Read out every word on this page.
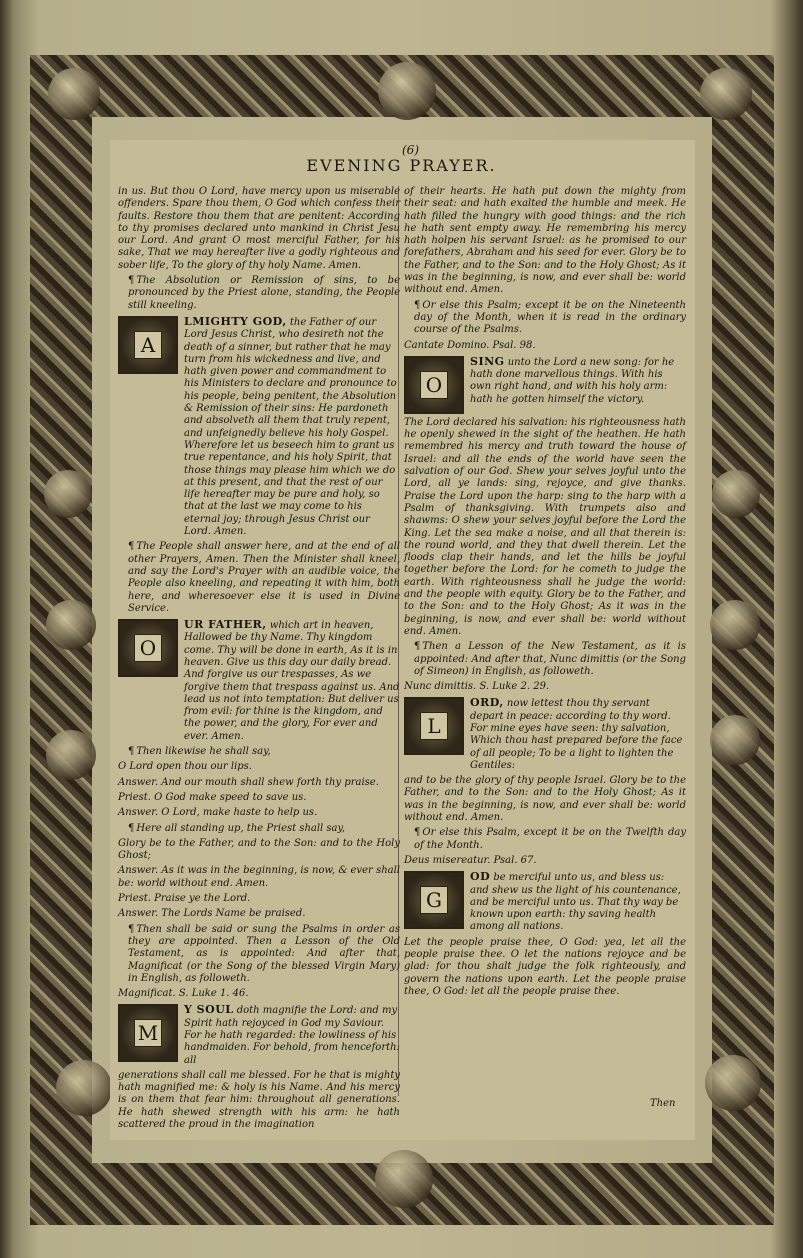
(6)
EVENING PRAYER.

in us. But thou O Lord, have mercy upon us miserable offenders. Spare thou them, O God which confess their faults. Restore thou them that are penitent: According to thy promises declared unto mankind in Christ Jesu our Lord. And grant O most merciful Father, for his sake, That we may hereafter live a godly righteous and sober life, To the glory of thy holy Name. Amen.

¶ The Absolution or Remission of sins, to be pronounced by the Priest alone, standing, the People still kneeling.

A
LMIGHTY GOD, the Father of our Lord Jesus Christ, who desireth not the death of a sinner, but rather that he may turn from his wickedness and live, and hath given power and commandment to his Ministers to declare and pronounce to his people, being penitent, the Absolution & Remission of their sins: He pardoneth and absolveth all them that truly repent, and unfeignedly believe his holy Gospel. Wherefore let us beseech him to grant us true repentance, and his holy Spirit, that those things may please him which we do at this present, and that the rest of our life hereafter may be pure and holy, so that at the last we may come to his eternal joy; through Jesus Christ our Lord. Amen.

¶ The People shall answer here, and at the end of all other Prayers, Amen. Then the Minister shall kneel, and say the Lord's Prayer with an audible voice, the People also kneeling, and repeating it with him, both here, and wheresoever else it is used in Divine Service.

O
UR FATHER, which art in heaven, Hallowed be thy Name. Thy kingdom come. Thy will be done in earth, As it is in heaven. Give us this day our daily bread. And forgive us our trespasses, As we forgive them that trespass against us. And lead us not into temptation: But deliver us from evil: for thine is the kingdom, and the power, and the glory, For ever and ever. Amen.

¶ Then likewise he shall say,

O Lord open thou our lips.

Answer. And our mouth shall shew forth thy praise.

Priest. O God make speed to save us.

Answer. O Lord, make haste to help us.

¶ Here all standing up, the Priest shall say,

Glory be to the Father, and to the Son: and to the Holy Ghost;

Answer. As it was in the beginning, is now, & ever shall be: world without end. Amen.

Priest. Praise ye the Lord.

Answer. The Lords Name be praised.

¶ Then shall be said or sung the Psalms in order as they are appointed. Then a Lesson of the Old Testament, as is appointed: And after that, Magnificat (or the Song of the blessed Virgin Mary) in English, as followeth.

Magnificat. S. Luke 1. 46.

M
Y SOUL doth magnifie the Lord: and my Spirit hath rejoyced in God my Saviour. For he hath regarded: the lowliness of his handmaiden. For behold, from henceforth: all

generations shall call me blessed. For he that is mighty hath magnified me: & holy is his Name. And his mercy is on them that fear him: throughout all generations. He hath shewed strength with his arm: he hath scattered the proud in the imagination

of their hearts. He hath put down the mighty from their seat: and hath exalted the humble and meek. He hath filled the hungry with good things: and the rich he hath sent empty away. He remembring his mercy hath holpen his servant Israel: as he promised to our forefathers, Abraham and his seed for ever. Glory be to the Father, and to the Son: and to the Holy Ghost; As it was in the beginning, is now, and ever shall be: world without end. Amen.

¶ Or else this Psalm; except it be on the Nineteenth day of the Month, when it is read in the ordinary course of the Psalms.

Cantate Domino. Psal. 98.

O
SING unto the Lord a new song: for he hath done marvellous things. With his own right hand, and with his holy arm: hath he gotten himself the victory.

The Lord declared his salvation: his righteousness hath he openly shewed in the sight of the heathen. He hath remembred his mercy and truth toward the house of Israel: and all the ends of the world have seen the salvation of our God. Shew your selves joyful unto the Lord, all ye lands: sing, rejoyce, and give thanks. Praise the Lord upon the harp: sing to the harp with a Psalm of thanksgiving. With trumpets also and shawms: O shew your selves joyful before the Lord the King. Let the sea make a noise, and all that therein is: the round world, and they that dwell therein. Let the floods clap their hands, and let the hills be joyful together before the Lord: for he cometh to judge the earth. With righteousness shall he judge the world: and the people with equity. Glory be to the Father, and to the Son: and to the Holy Ghost; As it was in the beginning, is now, and ever shall be: world without end. Amen.

¶ Then a Lesson of the New Testament, as it is appointed: And after that, Nunc dimittis (or the Song of Simeon) in English, as followeth.

Nunc dimittis. S. Luke 2. 29.

L
ORD, now lettest thou thy servant depart in peace: according to thy word. For mine eyes have seen: thy salvation, Which thou hast prepared before the face of all people; To be a light to lighten the Gentiles:

and to be the glory of thy people Israel. Glory be to the Father, and to the Son: and to the Holy Ghost; As it was in the beginning, is now, and ever shall be: world without end. Amen.

¶ Or else this Psalm, except it be on the Twelfth day of the Month.

Deus misereatur. Psal. 67.

G
OD be merciful unto us, and bless us: and shew us the light of his countenance, and be merciful unto us. That thy way be known upon earth: thy saving health among all nations.

Let the people praise thee, O God: yea, let all the people praise thee. O let the nations rejoyce and be glad: for thou shalt judge the folk righteously, and govern the nations upon earth. Let the people praise thee, O God: let all the people praise thee.

Then
